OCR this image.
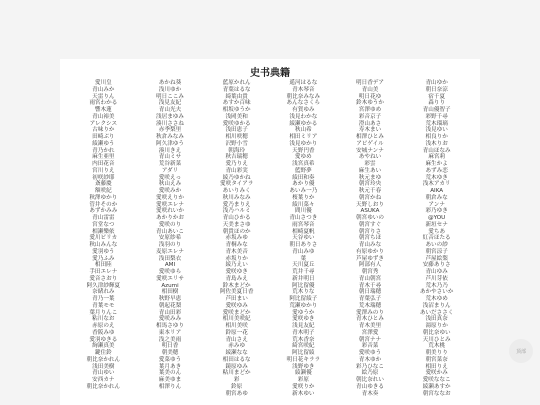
史书典籍
愛川皇
青山みか
天雷りん
雨宮わかる
響木蓮
青山裕美
アレクシス
古味りか
田崎ぶり
綾瀬ゆう
青乃かれ
麻生亜里
内田花音
宮川りえ
初咲紗耶
斎藤慶
額咲紀
秋澤ゆかり
管井そのか
あずかみみ
青山雷雷
宮堂なつ
相瀬樂依
愛川ピリカ
秋山みんな
愛羽ゆう
愛乃ふみ
相田陸
手田エレナ
愛音さおり
阿久津紗輝夏
奈緒れみ
青乃一葉
青葉モモ
葉月りんこ
粘川なお
赤原のえ
香阪みゆ
愛羽ゆきる
絢瀬真美
鍵住鈴
朝比奈かれん
浅田美樹
青山ゆい
安西カナ
朝比奈かれん
あかね葵
浅川ゆか
明日ここみ
浅見友紀
青山光夫
浅居まゆみ
湊川ささね
赤季梨里
秋倉みなみ
阿久津ゆう
湊川きえ
青山ミサ
荒谷新菜
アダリ
愛咲えっ
秋山えみ
愛咲みか
愛咲えりか
愛咲エレナ
愛咲れいか
あかりかお
愛咲のり
青山あいこ
安原紗希
浅羽のり
麦原エレナ
浅田梨衣
AMI
愛咲ゆら
愛咲エリサ
Azumi
相田樹
秋野早恵
朝起花梨
青山田彩
愛咲みみ
相馬さゆり
東本リア
浅之美雨
明日香
朝美穂
愛菜ゆう
葉月あき
葉美のん
麻美ゆま
相澤りん
藍原かれん
青葉はるな
綺葉由貴
あすか百味
相坂ゆうか
浅岡美和
愛咲ゆかる
浅田恵子
相川咲穂
沢野小雪
朝海玲
秋吉瑞穂
愛乃りえ
青山彩実
綾乃ゆかね
愛咲タイアラ
あいりみく
秋川みなみ
愛乃まりえ
浅乃ハルミ
青山ひかる
天美まさゆ
朝貴ほのか
赤坂みゆ
青桐みな
青木美音
赤坂りか
綾乃えい
愛咲ゆき
青島みえ
鈴木まどか
阿佐美夏日香
芦田まい
愛咲ゆみ
愛咲まどか
相川美咲紀
相川美咲
鈴原一花
青山さえ
赤みゆ
綾瀬なな
相田はるな
鏡原ゆみ
粘川まどか
彩
鈴原
朝宮あゆ
遥河はるな
青木琴音
朝比奈みなみ
あんなさくら
有賀ゆみ
浅見わかな
綾瀬ゆかる
秋山希
相田ミリア
浅見ゆかり
天野円香
愛ゆめ
浅宮真希
藍野夢
綾田和奏
あかり優
あいみ一乃
桜葉りか
綾川菜々
間川優
青山さつき
雨宮琴音
相崎夏帆
天谷ゆい
朝日ありさ
青山みゆ
葉
天川夏丘
荒井千尋
新井明日
阿比留優
荒木りな
阿比留綾子
荒瀬ゆかり
愛ゆうか
愛咲ゆき
浅見友紀
青木明子
荒木香奈
綺宮咲紀
阿比留綾
明日花キララ
浅野ゆき
綾瀬優
彩原
愛咲りか
新木ゆい
明日香デア
青山美
明日花ゆ
鈴木ゆうか
宮澤ゆめ
彩音京子
澄山あさ
寿木まい
相澤ひとみ
アビゲイル
安城ナンナ
あやねい
彩雲
麻生あい
秋元まゆ
朝宮玲央
秋元千春
朝宮かね
天野しおり
ASUKA
朝宮ゆいの
朝宮すぐ
朝宮りさ
朝宮ちほ
青山みな
有原ゆかり
芦屋ゆずき
阿部有人
朝宮秀
青山朝宮
青木千尋
朝日瑞穂
青葉弘子
荒木瑞穂
愛澤みのり
青木ひとみ
青木美里
宮澤愛
朝宮ナナ
彩音菜
愛咲ゆう
青木ゆか
彩乃ひなこ
絵乃原
朝比奈れい
青山ゆきる
青木奏
青山ゆか
朝日奈涼
宿千夏
森りり
青山優智子
彩野千尋
荒木瑠璃
浅見ゆい
相良りか
浅木りお
青山ほなみ
麻宮莉
麻生かよ
あずみ恋
荒木ゆき
浅木アカリ
AIKA
朝倉みな
アンナ
彩乃ゆき
@YOU
新垣セナ
愛ちあ
紅音ほたる
あいの紗
朝宮涼子
芦屋絵梨
安藤ありさ
青山ゆみ
芦川芽依
荒木乃乃
あかやさいか
荒木ゆめ
浅沼まりん
あいだささく
浅田真奈
湯原りか
朝比奈ゆい
天川ひとみ
荒木桃
朝美りり
朝宮菜奈
相田りえ
愛咲かみ
愛咲ななこ
綾瀬あすか
朝宮ななお
顶部
